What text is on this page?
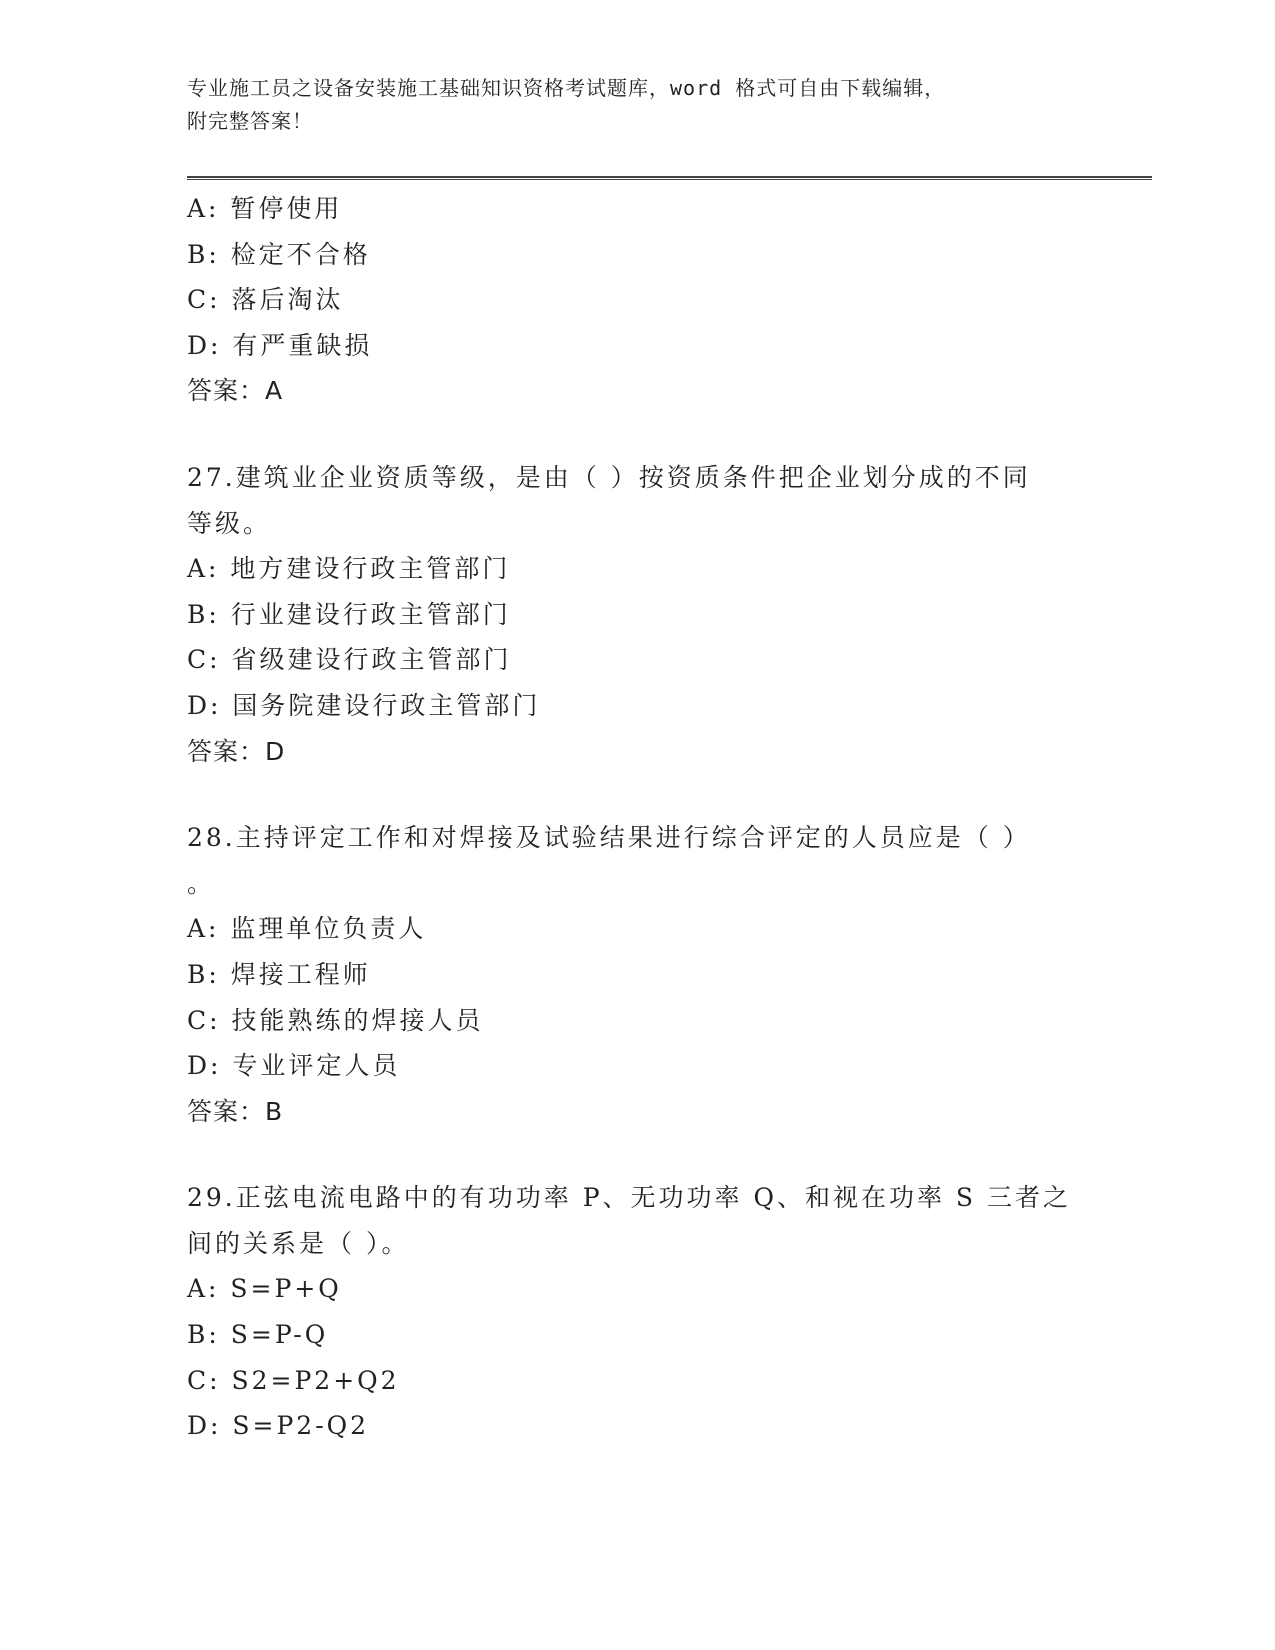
专业施工员之设备安装施工基础知识资格考试题库，word 格式可自由下载编辑，
附完整答案！
A: 暂停使用
B: 检定不合格
C: 落后淘汰
D: 有严重缺损
答案：A
27.建筑业企业资质等级，是由（ ）按资质条件把企业划分成的不同
等级。
A: 地方建设行政主管部门
B: 行业建设行政主管部门
C: 省级建设行政主管部门
D: 国务院建设行政主管部门
答案：D
28.主持评定工作和对焊接及试验结果进行综合评定的人员应是（ ）
。
A: 监理单位负责人
B: 焊接工程师
C: 技能熟练的焊接人员
D: 专业评定人员
答案：B
29.正弦电流电路中的有功功率 P、无功功率 Q、和视在功率 S 三者之
间的关系是（ ）。
A: S=P+Q
B: S=P-Q
C: S2=P2+Q2
D: S=P2-Q2
